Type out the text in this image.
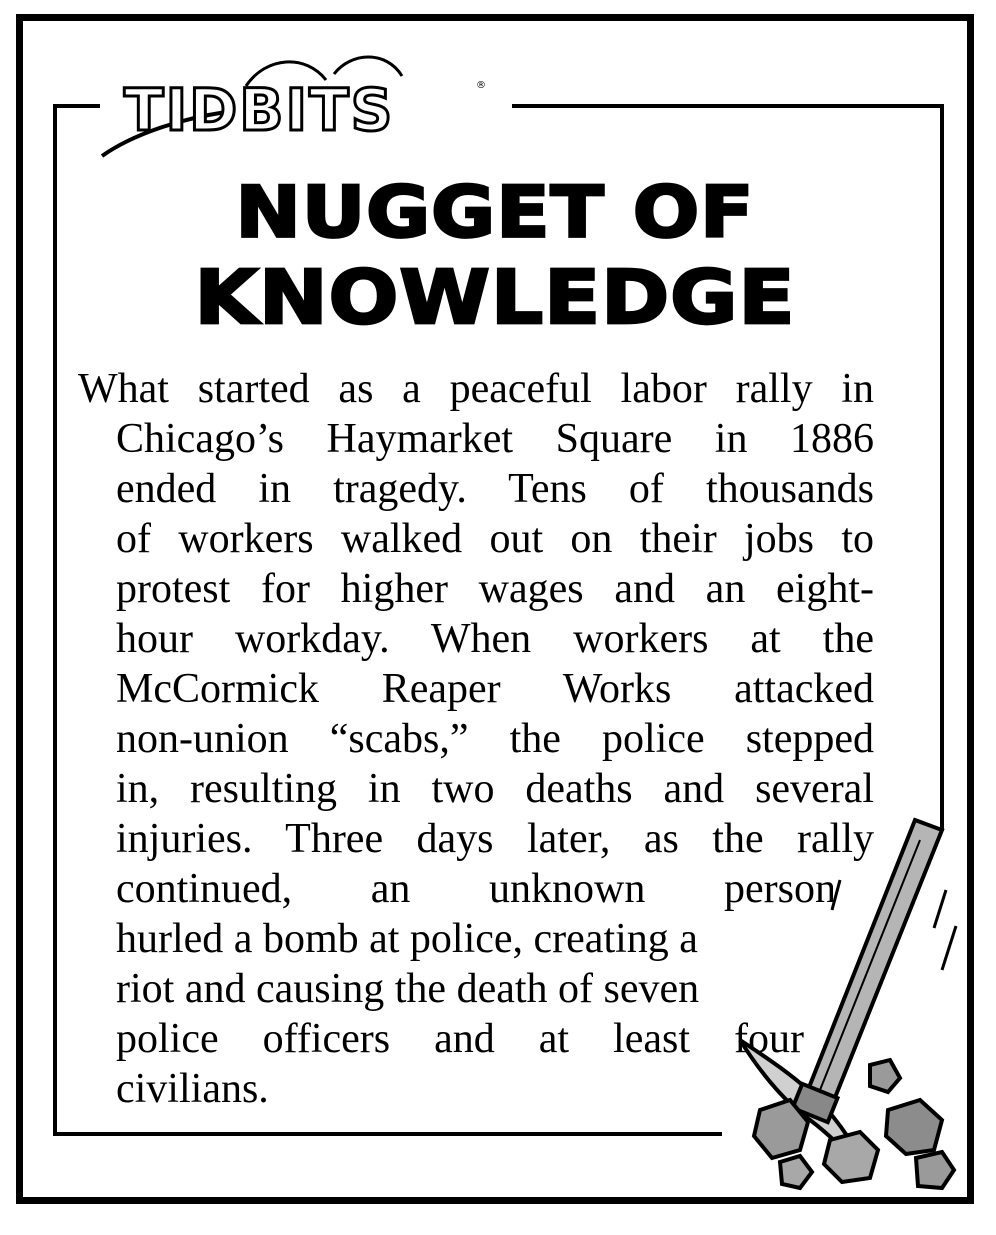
TIDBITS	®
NUGGET OF
KNOWLEDGE
What started as a peaceful labor rally in
Chicago’s Haymarket Square in 1886
ended in tragedy. Tens of thousands
of workers walked out on their jobs to
protest for higher wages and an eight-
hour workday. When workers at the
McCormick Reaper Works attacked
non-union “scabs,” the police stepped
in, resulting in two deaths and several
injuries. Three days later, as the rally
continued, an unknown person
hurled a bomb at police, creating a
riot and causing the death of seven
police officers and at least four
civilians.
